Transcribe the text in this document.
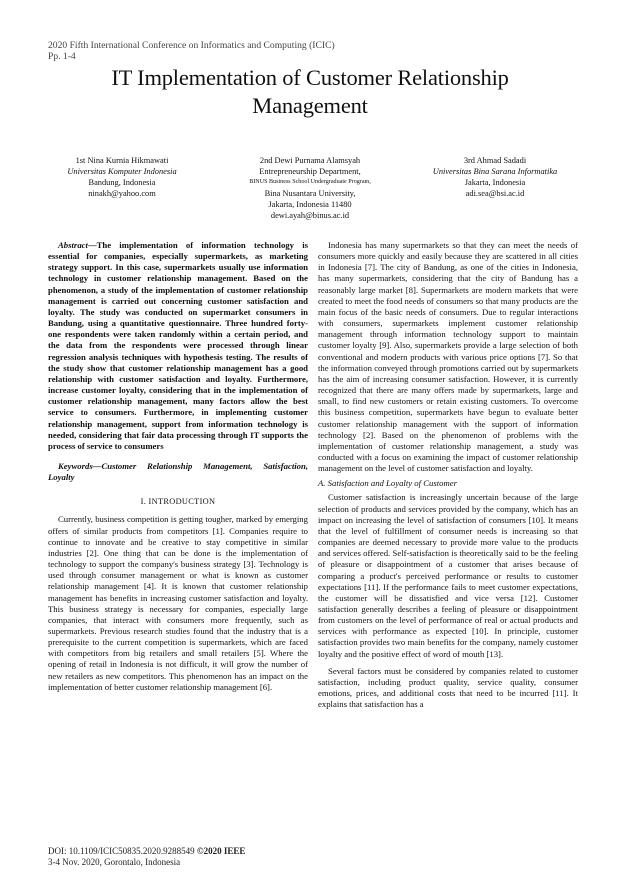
2020 Fifth International Conference on Informatics and Computing (ICIC)
Pp. 1-4
IT Implementation of Customer Relationship
Management
1st Nina Kurnia Hikmawati
Universitas Komputer Indonesia
Bandung, Indonesia
ninakh@yahoo.com
2nd Dewi Purnama Alamsyah
Entrepreneurship Department,
BINUS Business School Undergraduate Program,
Bina Nusantara University,
Jakarta, Indonesia 11480
dewi.ayah@binus.ac.id
3rd Ahmad Sadadi
Universitas Bina Sarana Informatika
Jakarta, Indonesia
adi.sea@bsi.ac.id

Abstract—The implementation of information technology is essential for companies, especially supermarkets, as marketing strategy support. In this case, supermarkets usually use information technology in customer relationship management. Based on the phenomenon, a study of the implementation of customer relationship management is carried out concerning customer satisfaction and loyalty. The study was conducted on supermarket consumers in Bandung, using a quantitative questionnaire. Three hundred forty-one respondents were taken randomly within a certain period, and the data from the respondents were processed through linear regression analysis techniques with hypothesis testing. The results of the study show that customer relationship management has a good relationship with customer satisfaction and loyalty. Furthermore, increase customer loyalty, considering that in the implementation of customer relationship management, many factors allow the best service to consumers. Furthermore, in implementing customer relationship management, support from information technology is needed, considering that fair data processing through IT supports the process of service to consumers

Keywords—Customer Relationship Management, Satisfaction, Loyalty

I. INTRODUCTION

Currently, business competition is getting tougher, marked by emerging offers of similar products from competitors [1]. Companies require to continue to innovate and be creative to stay competitive in similar industries [2]. One thing that can be done is the implementation of technology to support the company's business strategy [3]. Technology is used through consumer management or what is known as customer relationship management [4]. It is known that customer relationship management has benefits in increasing customer satisfaction and loyalty. This business strategy is necessary for companies, especially large companies, that interact with consumers more frequently, such as supermarkets. Previous research studies found that the industry that is a prerequisite to the current competition is supermarkets, which are faced with competitors from big retailers and small retailers [5]. Where the opening of retail in Indonesia is not difficult, it will grow the number of new retailers as new competitors. This phenomenon has an impact on the implementation of better customer relationship management [6].

Indonesia has many supermarkets so that they can meet the needs of consumers more quickly and easily because they are scattered in all cities in Indonesia [7]. The city of Bandung, as one of the cities in Indonesia, has many supermarkets, considering that the city of Bandung has a reasonably large market [8]. Supermarkets are modern markets that were created to meet the food needs of consumers so that many products are the main focus of the basic needs of consumers. Due to regular interactions with consumers, supermarkets implement customer relationship management through information technology support to maintain customer loyalty [9]. Also, supermarkets provide a large selection of both conventional and modern products with various price options [7]. So that the information conveyed through promotions carried out by supermarkets has the aim of increasing consumer satisfaction. However, it is currently recognized that there are many offers made by supermarkets, large and small, to find new customers or retain existing customers. To overcome this business competition, supermarkets have begun to evaluate better customer relationship management with the support of information technology [2]. Based on the phenomenon of problems with the implementation of customer relationship management, a study was conducted with a focus on examining the impact of customer relationship management on the level of customer satisfaction and loyalty.

A. Satisfaction and Loyalty of Customer

Customer satisfaction is increasingly uncertain because of the large selection of products and services provided by the company, which has an impact on increasing the level of satisfaction of consumers [10]. It means that the level of fulfillment of consumer needs is increasing so that companies are deemed necessary to provide more value to the products and services offered. Self-satisfaction is theoretically said to be the feeling of pleasure or disappointment of a customer that arises because of comparing a product's perceived performance or results to customer expectations [11]. If the performance fails to meet customer expectations, the customer will be dissatisfied and vice versa [12]. Customer satisfaction generally describes a feeling of pleasure or disappointment from customers on the level of performance of real or actual products and services with performance as expected [10]. In principle, customer satisfaction provides two main benefits for the company, namely customer loyalty and the positive effect of word of mouth [13].

Several factors must be considered by companies related to customer satisfaction, including product quality, service quality, consumer emotions, prices, and additional costs that need to be incurred [11]. It explains that satisfaction has a

DOI: 10.1109/ICIC50835.2020.9288549 ©2020 IEEE
3-4 Nov. 2020, Gorontalo, Indonesia
